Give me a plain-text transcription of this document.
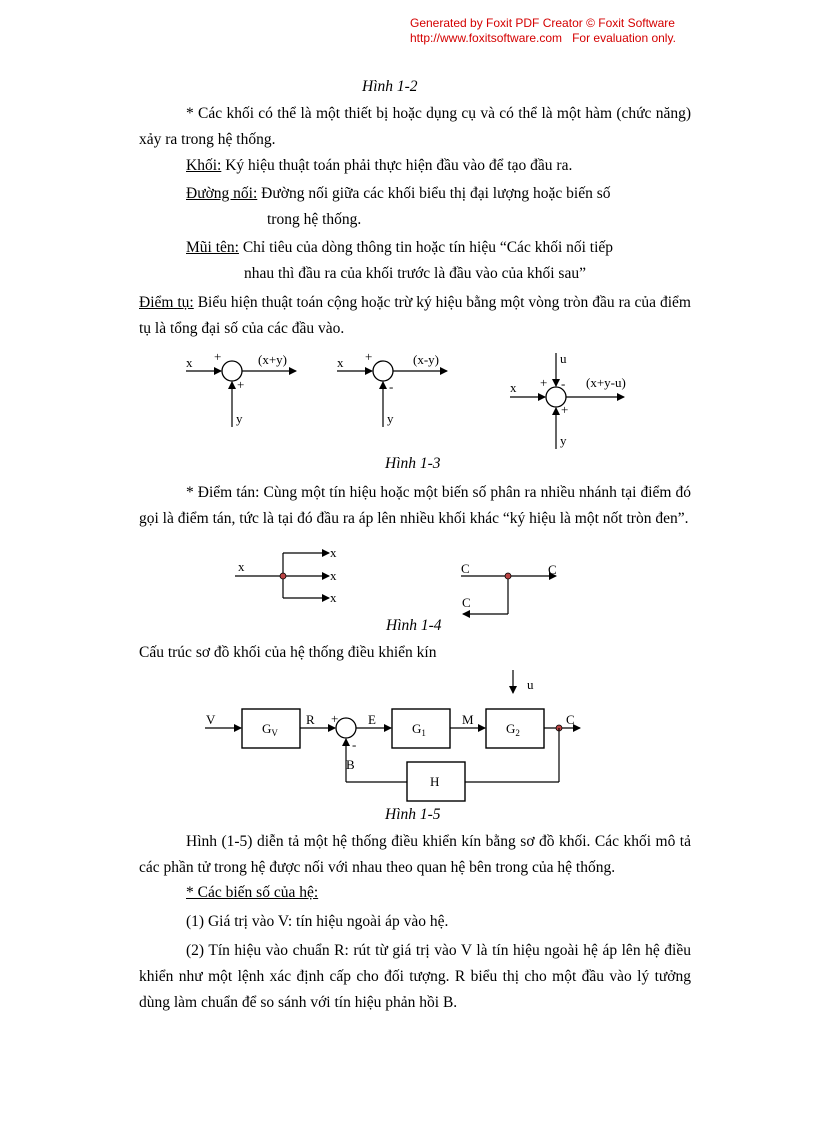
Generated by Foxit PDF Creator © Foxit Software
http://www.foxitsoftware.com For evaluation only.
Hình 1-2
* Các khối có thể là một thiết bị hoặc dụng cụ và có thể là một hàm (chức năng) xảy ra trong hệ thống.
Khối: Ký hiệu thuật toán phải thực hiện đầu vào để tạo đầu ra.
Đường nối: Đường nối giữa các khối biểu thị đại lượng hoặc biến số
trong hệ thống.
Mũi tên: Chỉ tiêu của dòng thông tin hoặc tín hiệu “Các khối nối tiếp
nhau thì đầu ra của khối trước là đầu vào của khối sau”
Điểm tụ: Biểu hiện thuật toán cộng hoặc trừ ký hiệu bằng một vòng tròn đầu ra của điểm tụ là tổng đại số của các đầu vào.
x +
+
(x+y)
y
x +
-
(x-y)
y
x + -
+
(x+y-u)
u
y
Hình 1-3
* Điểm tán: Cùng một tín hiệu hoặc một biến số phân ra nhiều nhánh tại điểm đó gọi là điểm tán, tức là tại đó đầu ra áp lên nhiều khối khác “ký hiệu là một nốt tròn đen”.
x
x
x
x
C	C
C
Hình 1-4
Cấu trúc sơ đồ khối của hệ thống điều khiển kín
V
$G_V$
R +
-
E
$G_1$
M
$G_2$
u
C
H
B
Hình 1-5
Hình (1-5) diễn tả một hệ thống điều khiển kín bằng sơ đồ khối. Các khối mô tả các phần tử trong hệ được nối với nhau theo quan hệ bên trong của hệ thống.
* Các biến số của hệ:
(1) Giá trị vào V: tín hiệu ngoài áp vào hệ.
(2) Tín hiệu vào chuẩn R: rút từ giá trị vào V là tín hiệu ngoài hệ áp lên hệ điều khiển như một lệnh xác định cấp cho đối tượng. R biểu thị cho một đầu vào lý tưởng dùng làm chuẩn để so sánh với tín hiệu phản hồi B.
